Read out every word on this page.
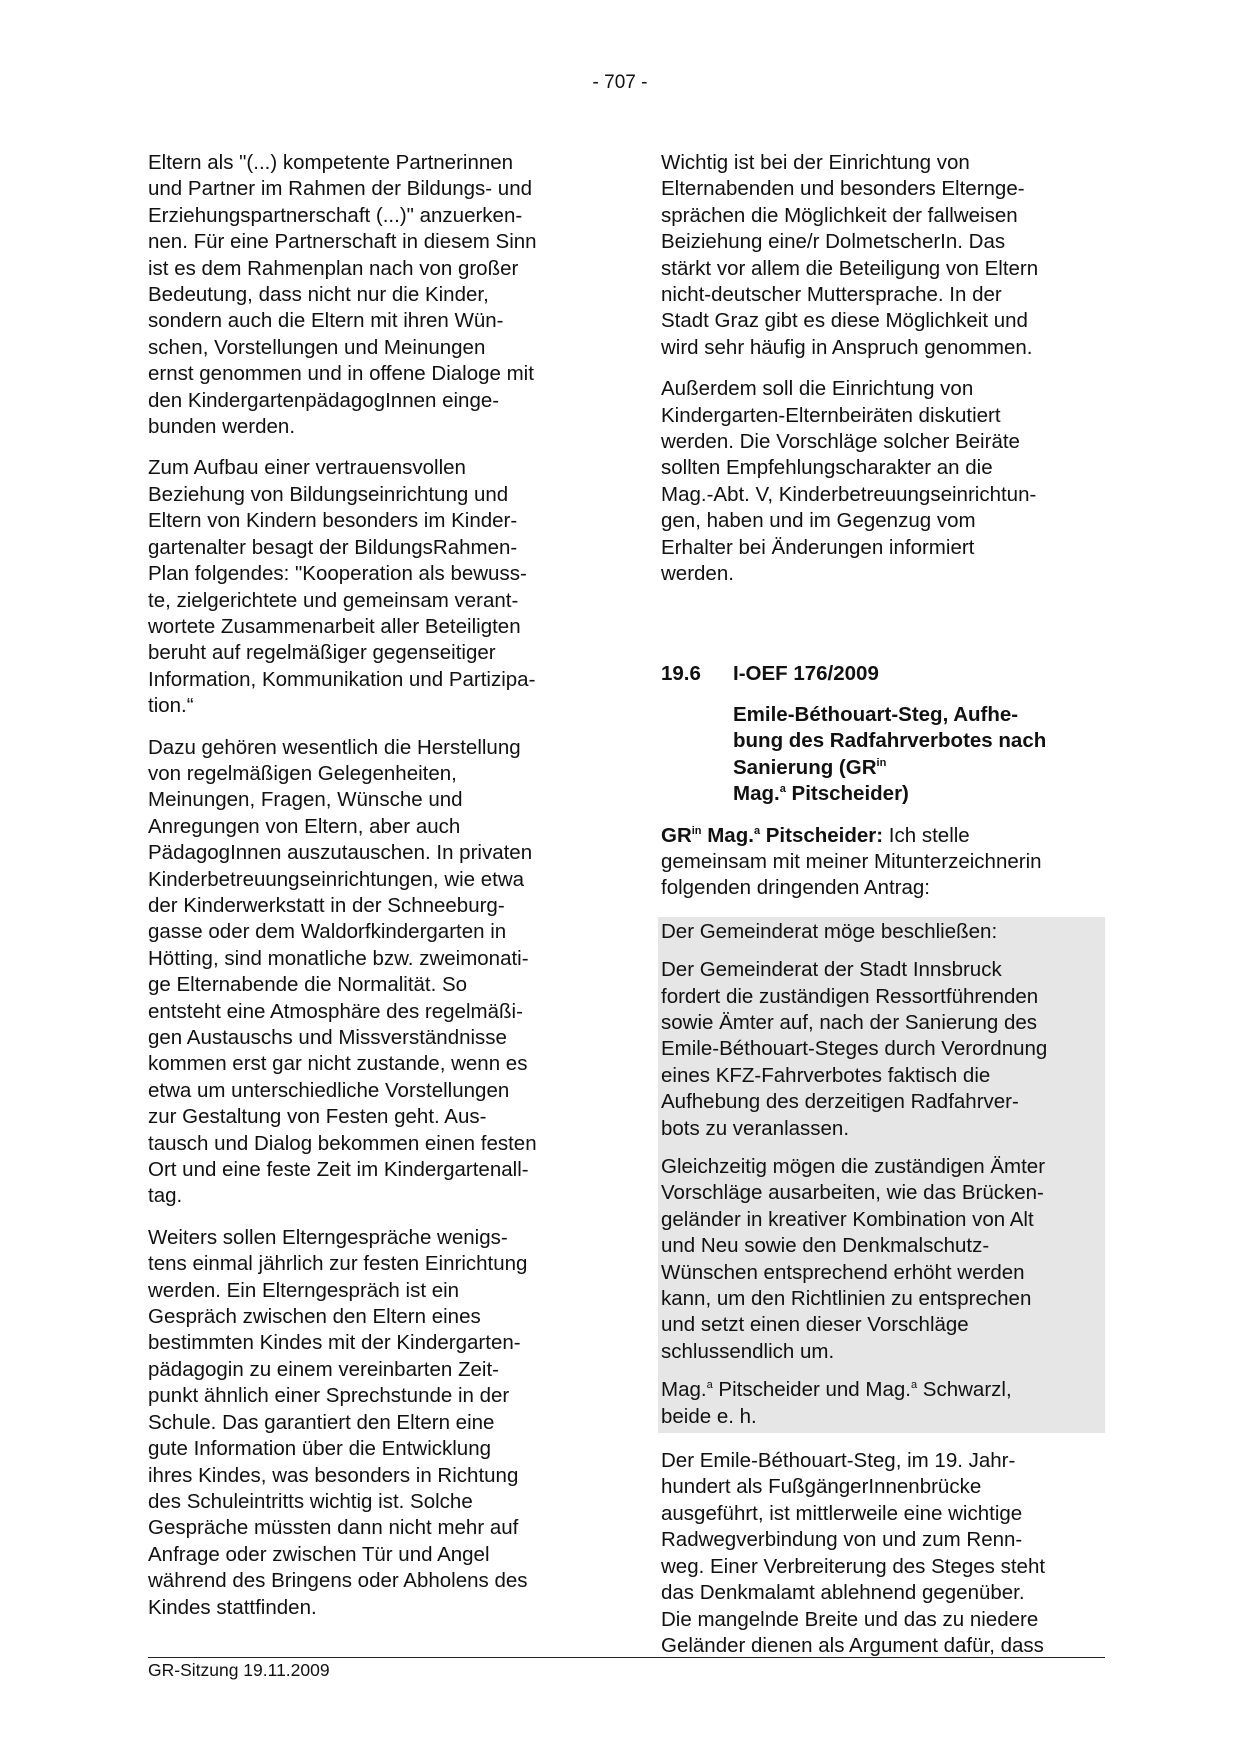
- 707 -

Eltern als "(...) kompetente Partnerinnen
und Partner im Rahmen der Bildungs- und
Erziehungspartnerschaft (...)" anzuerken-
nen. Für eine Partnerschaft in diesem Sinn
ist es dem Rahmenplan nach von großer
Bedeutung, dass nicht nur die Kinder,
sondern auch die Eltern mit ihren Wün-
schen, Vorstellungen und Meinungen
ernst genommen und in offene Dialoge mit
den KindergartenpädagogInnen einge-
bunden werden.

Zum Aufbau einer vertrauensvollen
Beziehung von Bildungseinrichtung und
Eltern von Kindern besonders im Kinder-
gartenalter besagt der BildungsRahmen-
Plan folgendes: "Kooperation als bewuss-
te, zielgerichtete und gemeinsam verant-
wortete Zusammenarbeit aller Beteiligten
beruht auf regelmäßiger gegenseitiger
Information, Kommunikation und Partizipa-
tion.“

Dazu gehören wesentlich die Herstellung
von regelmäßigen Gelegenheiten,
Meinungen, Fragen, Wünsche und
Anregungen von Eltern, aber auch
PädagogInnen auszutauschen. In privaten
Kinderbetreuungseinrichtungen, wie etwa
der Kinderwerkstatt in der Schneeburg-
gasse oder dem Waldorfkindergarten in
Hötting, sind monatliche bzw. zweimonati-
ge Elternabende die Normalität. So
entsteht eine Atmosphäre des regelmäßi-
gen Austauschs und Missverständnisse
kommen erst gar nicht zustande, wenn es
etwa um unterschiedliche Vorstellungen
zur Gestaltung von Festen geht. Aus-
tausch und Dialog bekommen einen festen
Ort und eine feste Zeit im Kindergartenall-
tag.

Weiters sollen Elterngespräche wenigs-
tens einmal jährlich zur festen Einrichtung
werden. Ein Elterngespräch ist ein
Gespräch zwischen den Eltern eines
bestimmten Kindes mit der Kindergarten-
pädagogin zu einem vereinbarten Zeit-
punkt ähnlich einer Sprechstunde in der
Schule. Das garantiert den Eltern eine
gute Information über die Entwicklung
ihres Kindes, was besonders in Richtung
des Schuleintritts wichtig ist. Solche
Gespräche müssten dann nicht mehr auf
Anfrage oder zwischen Tür und Angel
während des Bringens oder Abholens des
Kindes stattfinden.

Wichtig ist bei der Einrichtung von
Elternabenden und besonders Elternge-
sprächen die Möglichkeit der fallweisen
Beiziehung eine/r DolmetscherIn. Das
stärkt vor allem die Beteiligung von Eltern
nicht-deutscher Muttersprache. In der
Stadt Graz gibt es diese Möglichkeit und
wird sehr häufig in Anspruch genommen.

Außerdem soll die Einrichtung von
Kindergarten-Elternbeiräten diskutiert
werden. Die Vorschläge solcher Beiräte
sollten Empfehlungscharakter an die
Mag.-Abt. V, Kinderbetreuungseinrichtun-
gen, haben und im Gegenzug vom
Erhalter bei Änderungen informiert
werden.

19.6	I-OEF 176/2009
Emile-Béthouart-Steg, Aufhe-
bung des Radfahrverbotes nach
Sanierung ($GR^{in}$
Mag.$^a$ Pitscheider)

$GR^{in}$ Mag.$^a$ Pitscheider: Ich stelle
gemeinsam mit meiner Mitunterzeichnerin
folgenden dringenden Antrag:

Der Gemeinderat möge beschließen:

Der Gemeinderat der Stadt Innsbruck
fordert die zuständigen Ressortführenden
sowie Ämter auf, nach der Sanierung des
Emile-Béthouart-Steges durch Verordnung
eines KFZ-Fahrverbotes faktisch die
Aufhebung des derzeitigen Radfahrver-
bots zu veranlassen.

Gleichzeitig mögen die zuständigen Ämter
Vorschläge ausarbeiten, wie das Brücken-
geländer in kreativer Kombination von Alt
und Neu sowie den Denkmalschutz-
Wünschen entsprechend erhöht werden
kann, um den Richtlinien zu entsprechen
und setzt einen dieser Vorschläge
schlussendlich um.

Mag.$^a$ Pitscheider und Mag.$^a$ Schwarzl,
beide e. h.

Der Emile-Béthouart-Steg, im 19. Jahr-
hundert als FußgängerInnenbrücke
ausgeführt, ist mittlerweile eine wichtige
Radwegverbindung von und zum Renn-
weg. Einer Verbreiterung des Steges steht
das Denkmalamt ablehnend gegenüber.
Die mangelnde Breite und das zu niedere
Geländer dienen als Argument dafür, dass

GR-Sitzung 19.11.2009
